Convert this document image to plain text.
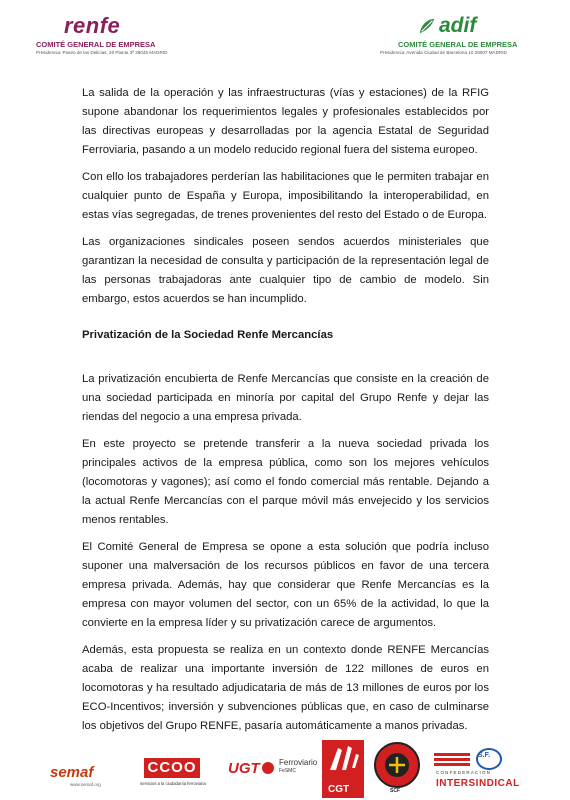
renfe
COMITÉ GENERAL DE EMPRESA
Presidencia: Paseo de las Delicias, 20 Planta 3ª 28045 MADRID
adif
COMITÉ GENERAL DE EMPRESA
Presidencia: Avenida Ciudad de Barcelona 10 28007 MADRID

La salida de la operación y las infraestructuras (vías y estaciones) de la RFIG supone abandonar los requerimientos legales y profesionales establecidos por las directivas europeas y desarrolladas por la agencia Estatal de Seguridad Ferroviaria, pasando a un modelo reducido regional fuera del sistema europeo.

Con ello los trabajadores perderían las habilitaciones que le permiten trabajar en cualquier punto de España y Europa, imposibilitando la interoperabilidad, en estas vías segregadas, de trenes provenientes del resto del Estado o de Europa.

Las organizaciones sindicales poseen sendos acuerdos ministeriales que garantizan la necesidad de consulta y participación de la representación legal de las personas trabajadoras ante cualquier tipo de cambio de modelo. Sin embargo, estos acuerdos se han incumplido.

Privatización de la Sociedad Renfe Mercancías

La privatización encubierta de Renfe Mercancías que consiste en la creación de una sociedad participada en minoría por capital del Grupo Renfe y dejar las riendas del negocio a una empresa privada.

En este proyecto se pretende transferir a la nueva sociedad privada los principales activos de la empresa pública, como son los mejores vehículos (locomotoras y vagones); así como el fondo comercial más rentable. Dejando a la actual Renfe Mercancías con el parque móvil más envejecido y los servicios menos rentables.

El Comité General de Empresa se opone a esta solución que podría incluso suponer una malversación de los recursos públicos en favor de una tercera empresa privada. Además, hay que considerar que Renfe Mercancías es la empresa con mayor volumen del sector, con un 65% de la actividad, lo que la convierte en la empresa líder y su privatización carece de argumentos.

Además, esta propuesta se realiza en un contexto donde RENFE Mercancías acaba de realizar una importante inversión de 122 millones de euros en locomotoras y ha resultado adjudicataria de más de 13 millones de euros por los ECO-Incentivos; inversión y subvenciones públicas que, en caso de culminarse los objetivos del Grupo RENFE, pasaría automáticamente a manos privadas.

semaf
www.semaf.org
CCOO
servicios a la ciudadanía ferroviaria
UGT Ferroviario
FeSMC
CGT	SCF
S.F.
CONFEDERACIÓN
INTERSINDICAL
